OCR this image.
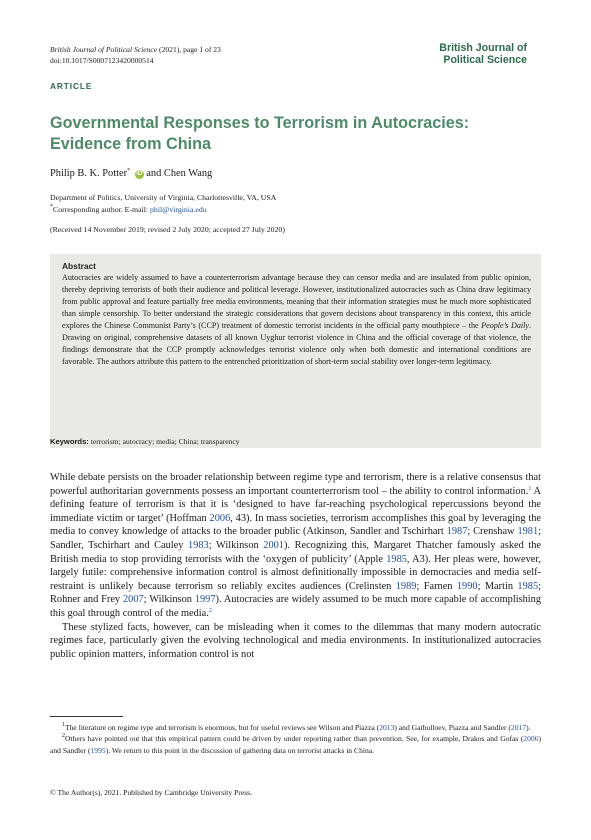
British Journal of Political Science (2021), page 1 of 23
doi:10.1017/S0007123420000514
British Journal of
Political Science
ARTICLE
Governmental Responses to Terrorism in Autocracies: Evidence from China
Philip B. K. Potter* iD and Chen Wang
Department of Politics, University of Virginia, Charlottesville, VA, USA
*Corresponding author. E-mail: phil@virginia.edu
(Received 14 November 2019; revised 2 July 2020; accepted 27 July 2020)
Abstract

Autocracies are widely assumed to have a counterterrorism advantage because they can censor media and are insulated from public opinion, thereby depriving terrorists of both their audience and political leverage. However, institutionalized autocracies such as China draw legitimacy from public approval and feature partially free media environments, meaning that their information strategies must be much more sophisticated than simple censorship. To better understand the strategic considerations that govern decisions about transparency in this context, this article explores the Chinese Communist Party’s (CCP) treatment of domestic terrorist incidents in the official party mouthpiece – the People’s Daily. Drawing on original, comprehensive datasets of all known Uyghur terrorist violence in China and the official coverage of that violence, the findings demonstrate that the CCP promptly acknowledges terrorist violence only when both domestic and international conditions are favorable. The authors attribute this pattern to the entrenched prioritization of short-term social stability over longer-term legitimacy.

Keywords: terrorism; autocracy; media; China; transparency

While debate persists on the broader relationship between regime type and terrorism, there is a relative consensus that powerful authoritarian governments possess an important counterterrorism tool – the ability to control information.$^1$ A defining feature of terrorism is that it is ‘designed to have far-reaching psychological repercussions beyond the immediate victim or target’ (Hoffman 2006, 43). In mass societies, terrorism accomplishes this goal by leveraging the media to convey knowledge of attacks to the broader public (Atkinson, Sandler and Tschirhart 1987; Crenshaw 1981; Sandler, Tschirhart and Cauley 1983; Wilkinson 2001). Recognizing this, Margaret Thatcher famously asked the British media to stop providing terrorists with the ‘oxygen of publicity’ (Apple 1985, A3). Her pleas were, however, largely futile: comprehensive information control is almost definitionally impossible in democracies and media self-restraint is unlikely because terrorism so reliably excites audiences (Crelinsten 1989; Farnen 1990; Martin 1985; Rohner and Frey 2007; Wilkinson 1997). Autocracies are widely assumed to be much more capable of accomplishing this goal through control of the media.$^2$

These stylized facts, however, can be misleading when it comes to the dilemmas that many modern autocratic regimes face, particularly given the evolving technological and media environments. In institutionalized autocracies public opinion matters, information control is not

$^1$The literature on regime type and terrorism is enormous, but for useful reviews see Wilson and Piazza (2013) and Gaibulloev, Piazza and Sandler (2017).

$^2$Others have pointed out that this empirical pattern could be driven by under reporting rather than prevention. See, for example, Drakos and Gofas (2006) and Sandler (1995). We return to this point in the discussion of gathering data on terrorist attacks in China.

© The Author(s), 2021. Published by Cambridge University Press.
